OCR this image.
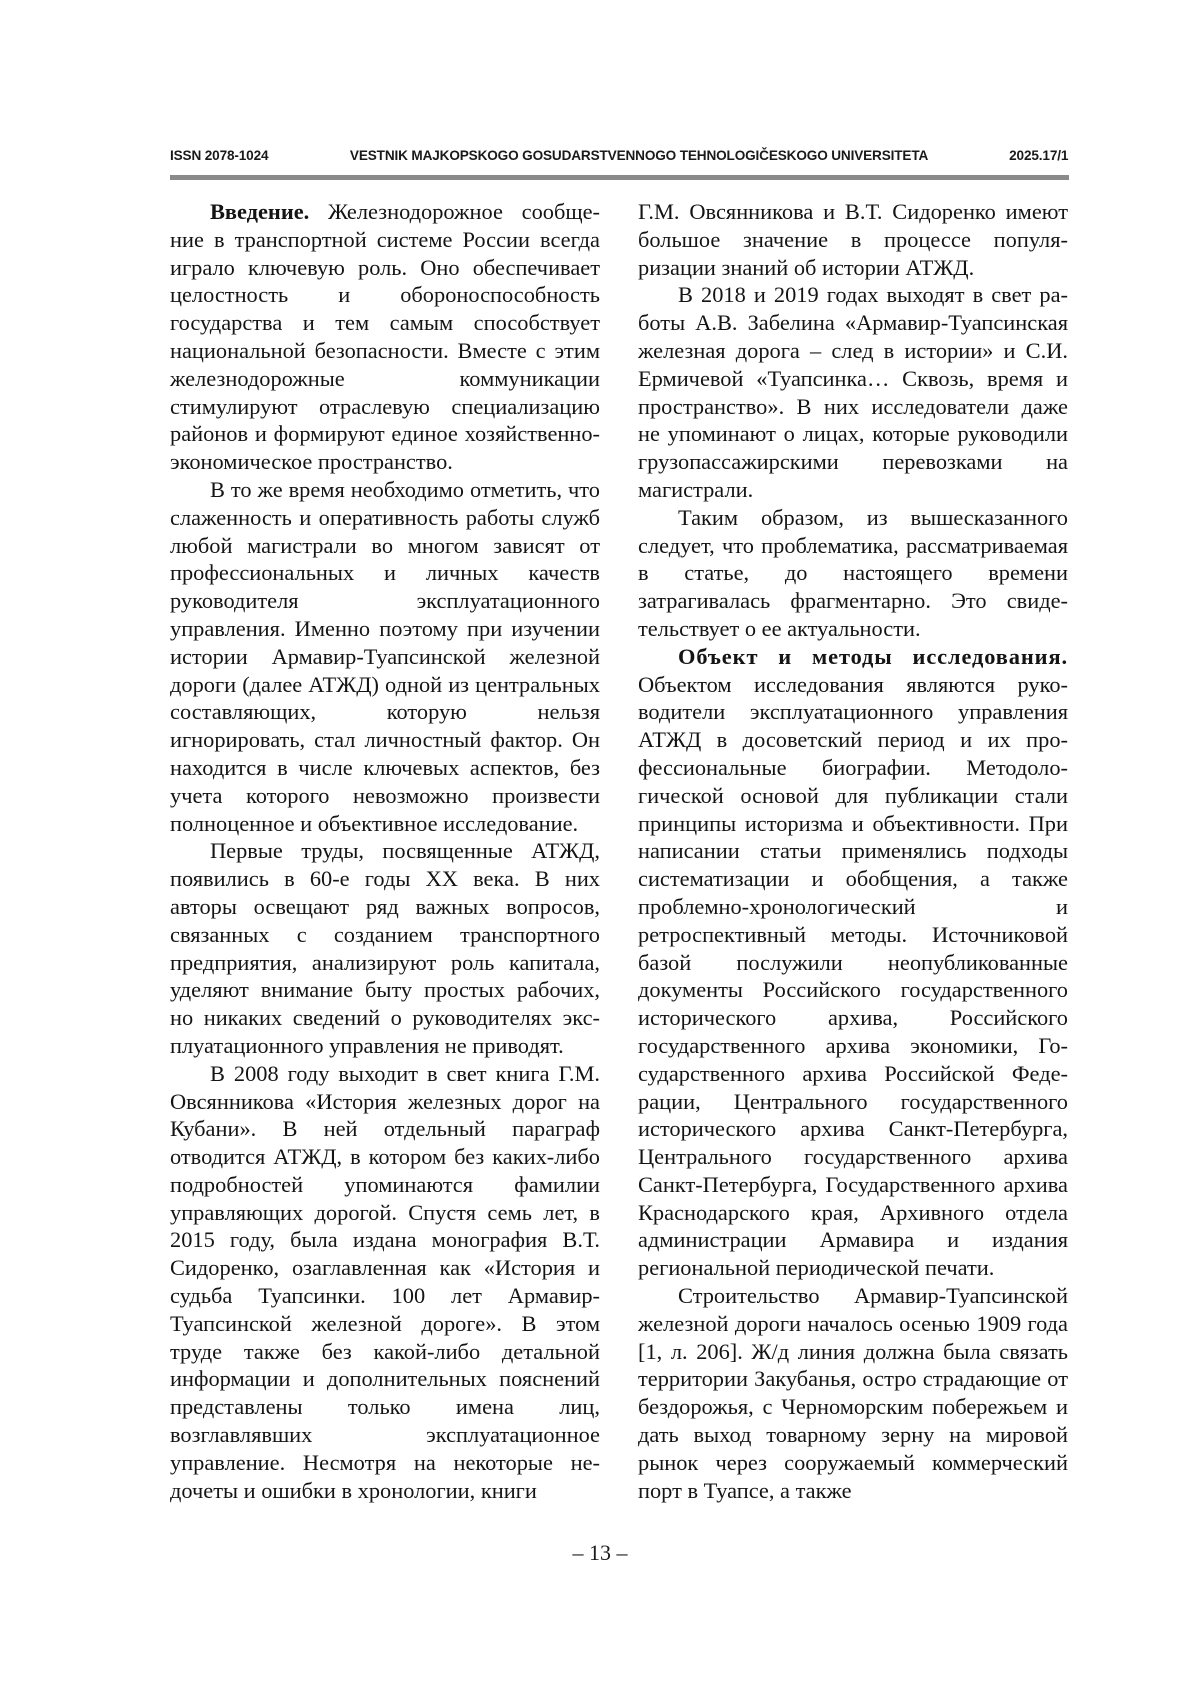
ISSN 2078-1024	VESTNIK MAJKOPSKOGO GOSUDARSTVENNOGO TEHNOLOGIČESKOGO UNIVERSITETA	2025.17/1

Введение. Железнодорожное сообщение в транспортной системе России всегда играло ключевую роль. Оно обеспечивает целостность и обороноспособность государства и тем самым способствует национальной безопасности. Вместе с этим железнодорожные коммуникации стимулируют отраслевую специализацию районов и формируют единое хозяйственно-экономическое пространство.

В то же время необходимо отметить, что слаженность и оперативность работы служб любой магистрали во многом зависят от профессиональных и личных качеств руководителя эксплуатационного управления. Именно поэтому при изучении истории Армавир-Туапсинской железной дороги (далее АТЖД) одной из центральных составляющих, которую нельзя игнорировать, стал личностный фактор. Он находится в числе ключевых аспектов, без учета которого невозможно произвести полноценное и объективное исследование.

Первые труды, посвященные АТЖД, появились в 60-е годы XX века. В них авторы освещают ряд важных вопросов, связанных с созданием транспортного предприятия, анализируют роль капитала, уделяют внимание быту простых рабочих, но никаких сведений о руководителях эксплуатационного управления не приводят.

В 2008 году выходит в свет книга Г.М. Овсянникова «История железных дорог на Кубани». В ней отдельный параграф отводится АТЖД, в котором без каких-либо подробностей упоминаются фамилии управляющих дорогой. Спустя семь лет, в 2015 году, была издана монография В.Т. Сидоренко, озаглавленная как «История и судьба Туапсинки. 100 лет Армавир-Туапсинской железной дороге». В этом труде также без какой-либо детальной информации и дополнительных пояснений представлены только имена лиц, возглавлявших эксплуатационное управление. Несмотря на некоторые недочеты и ошибки в хронологии, книги

Г.М. Овсянникова и В.Т. Сидоренко имеют большое значение в процессе популяризации знаний об истории АТЖД.

В 2018 и 2019 годах выходят в свет работы А.В. Забелина «Армавир-Туапсинская железная дорога – след в истории» и С.И. Ермичевой «Туапсинка… Сквозь, время и пространство». В них исследователи даже не упоминают о лицах, которые руководили грузопассажирскими перевозками на магистрали.

Таким образом, из вышесказанного следует, что проблематика, рассматриваемая в статье, до настоящего времени затрагивалась фрагментарно. Это свидетельствует о ее актуальности.

Объект и методы исследования. Объектом исследования являются руководители эксплуатационного управления АТЖД в досоветский период и их профессиональные биографии. Методологической основой для публикации стали принципы историзма и объективности. При написании статьи применялись подходы систематизации и обобщения, а также проблемно-хронологический и ретроспективный методы. Источниковой базой послужили неопубликованные документы Российского государственного исторического архива, Российского государственного архива экономики, Государственного архива Российской Федерации, Центрального государственного исторического архива Санкт-Петербурга, Центрального государственного архива Санкт-Петербурга, Государственного архива Краснодарского края, Архивного отдела администрации Армавира и издания региональной периодической печати.

Строительство Армавир-Туапсинской железной дороги началось осенью 1909 года [1, л. 206]. Ж/д линия должна была связать территории Закубанья, остро страдающие от бездорожья, с Черноморским побережьем и дать выход товарному зерну на мировой рынок через сооружаемый коммерческий порт в Туапсе, а также

– 13 –
